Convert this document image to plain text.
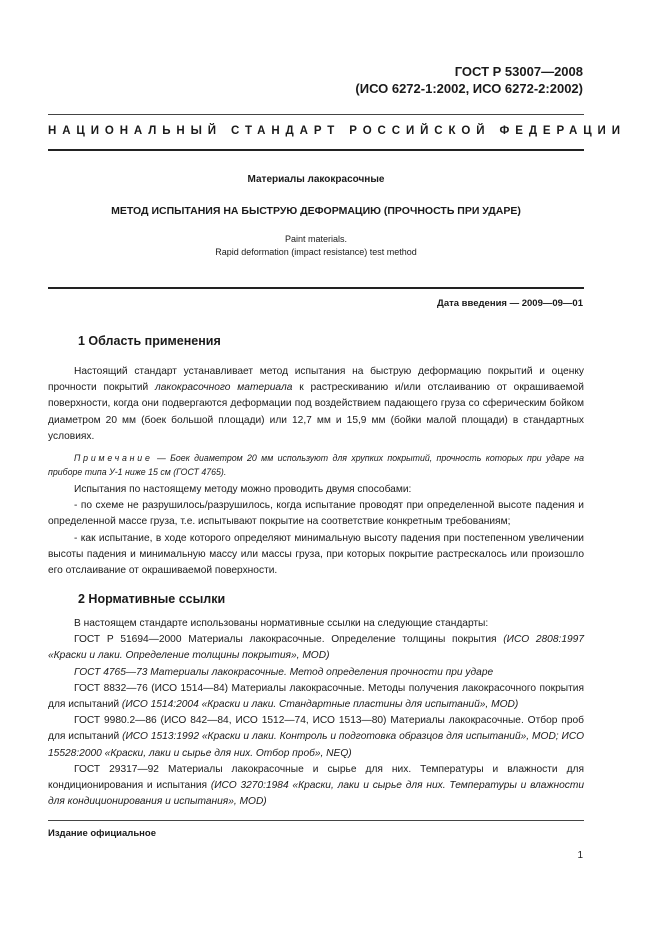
ГОСТ Р 53007—2008
(ИСО 6272-1:2002, ИСО 6272-2:2002)
НАЦИОНАЛЬНЫЙ СТАНДАРТ РОССИЙСКОЙ ФЕДЕРАЦИИ
Материалы лакокрасочные
МЕТОД ИСПЫТАНИЯ НА БЫСТРУЮ ДЕФОРМАЦИЮ (ПРОЧНОСТЬ ПРИ УДАРЕ)
Paint materials.
Rapid deformation (impact resistance) test method
Дата введения — 2009—09—01
1 Область применения

Настоящий стандарт устанавливает метод испытания на быструю деформацию покрытий и оценку прочности покрытий лакокрасочного материала к растрескиванию и/или отслаиванию от окрашиваемой поверхности, когда они подвергаются деформации под воздействием падающего груза со сферическим бойком диаметром 20 мм (боек большой площади) или 12,7 мм и 15,9 мм (бойки малой площади) в стандартных условиях.

Примечание — Боек диаметром 20 мм используют для хрупких покрытий, прочность которых при ударе на приборе типа У-1 ниже 15 см (ГОСТ 4765).

Испытания по настоящему методу можно проводить двумя способами:

- по схеме не разрушилось/разрушилось, когда испытание проводят при определенной высоте падения и определенной массе груза, т.е. испытывают покрытие на соответствие конкретным требованиям;

- как испытание, в ходе которого определяют минимальную высоту падения при постепенном увеличении высоты падения и минимальную массу или массы груза, при которых покрытие растрескалось или произошло его отслаивание от окрашиваемой поверхности.

2 Нормативные ссылки

В настоящем стандарте использованы нормативные ссылки на следующие стандарты:

ГОСТ Р 51694—2000 Материалы лакокрасочные. Определение толщины покрытия (ИСО 2808:1997 «Краски и лаки. Определение толщины покрытия», MOD)

ГОСТ 4765—73 Материалы лакокрасочные. Метод определения прочности при ударе

ГОСТ 8832—76 (ИСО 1514—84) Материалы лакокрасочные. Методы получения лакокрасочного покрытия для испытаний (ИСО 1514:2004 «Краски и лаки. Стандартные пластины для испытаний», MOD)

ГОСТ 9980.2—86 (ИСО 842—84, ИСО 1512—74, ИСО 1513—80) Материалы лакокрасочные. Отбор проб для испытаний (ИСО 1513:1992 «Краски и лаки. Контроль и подготовка образцов для испытаний», MOD; ИСО 15528:2000 «Краски, лаки и сырье для них. Отбор проб», NEQ)

ГОСТ 29317—92 Материалы лакокрасочные и сырье для них. Температуры и влажности для кондиционирования и испытания (ИСО 3270:1984 «Краски, лаки и сырье для них. Температуры и влажности для кондиционирования и испытания», MOD)

Издание официальное
1
